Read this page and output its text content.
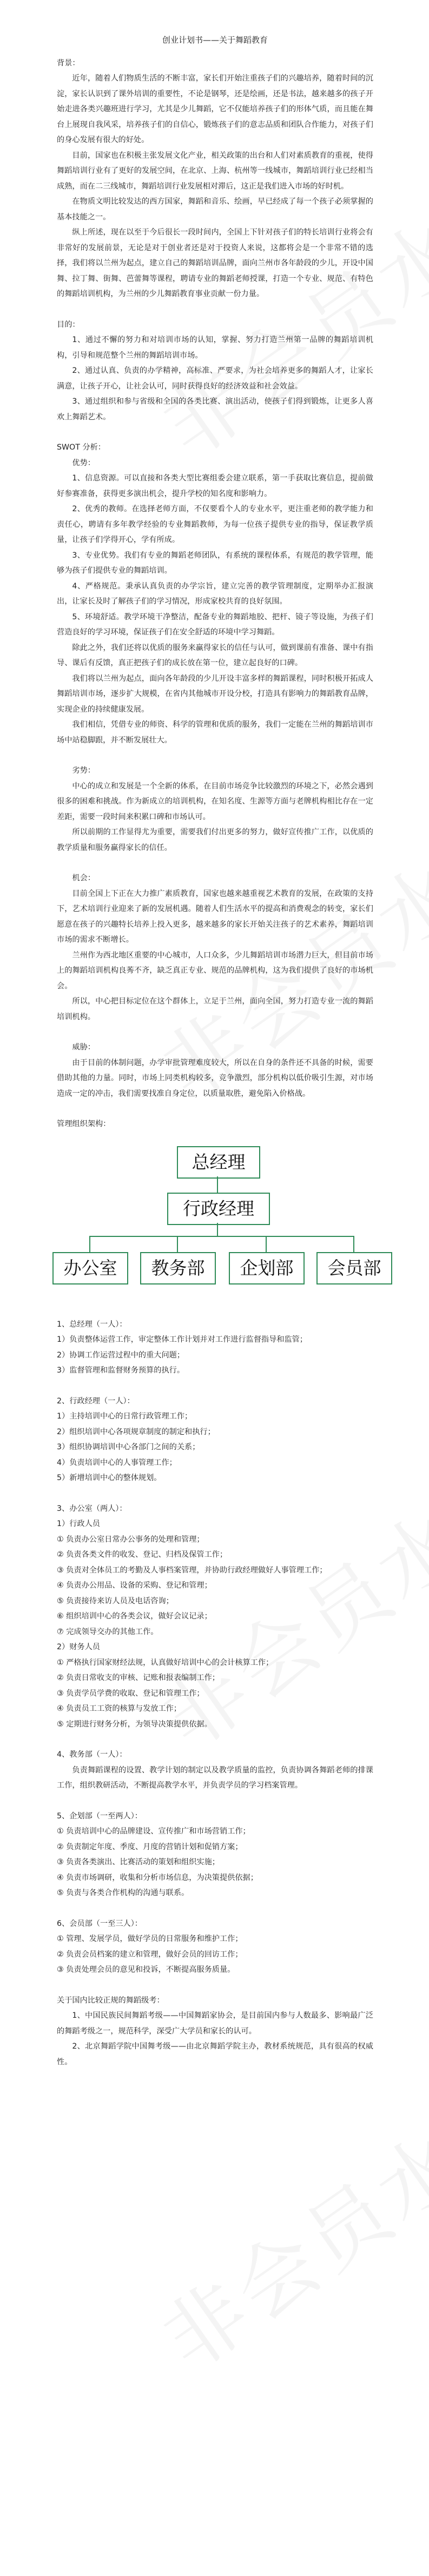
创业计划书——关于舞蹈教育

背景：

近年，随着人们物质生活的不断丰富，家长们开始注重孩子们的兴趣培养，随着时间的沉淀，家长认识到了课外培训的重要性，不论是钢琴，还是绘画，还是书法，越来越多的孩子开始走进各类兴趣班进行学习，尤其是少儿舞蹈，它不仅能培养孩子们的形体气质，而且能在舞台上展现自我风采，培养孩子们的自信心，锻炼孩子们的意志品质和团队合作能力，对孩子们的身心发展有很大的好处。

目前，国家也在积极主张发展文化产业，相关政策的出台和人们对素质教育的重视，使得舞蹈培训行业有了更好的发展空间，在北京、上海、杭州等一线城市，舞蹈培训行业已经相当成熟，而在二三线城市，舞蹈培训行业发展相对滞后，这正是我们进入市场的好时机。

在物质文明比较发达的西方国家，舞蹈和音乐、绘画，早已经成了每一个孩子必须掌握的基本技能之一。

纵上所述，现在以至于今后很长一段时间内，全国上下针对孩子们的特长培训行业将会有非常好的发展前景，无论是对于创业者还是对于投资人来说，这都将会是一个非常不错的选择，我们将以兰州为起点，建立自己的舞蹈培训品牌，面向兰州市各年龄段的少儿，开设中国舞、拉丁舞、街舞、芭蕾舞等课程，聘请专业的舞蹈老师授课，打造一个专业、规范、有特色的舞蹈培训机构，为兰州的少儿舞蹈教育事业贡献一份力量。

目的：

1、通过不懈的努力和对培训市场的认知，掌握、努力打造兰州第一品牌的舞蹈培训机构，引导和规范整个兰州的舞蹈培训市场。
2、通过认真、负责的办学精神，高标准、严要求，为社会培养更多的舞蹈人才，让家长满意，让孩子开心，让社会认可，同时获得良好的经济效益和社会效益。
3、通过组织和参与省级和全国的各类比赛、演出活动，使孩子们得到锻炼，让更多人喜欢上舞蹈艺术。

SWOT 分析：

优势：

1、信息资源。可以直接和各类大型比赛组委会建立联系，第一手获取比赛信息，提前做好参赛准备，获得更多演出机会，提升学校的知名度和影响力。
2、优秀的教师。在选择老师方面，不仅要看个人的专业水平，更注重老师的教学能力和责任心，聘请有多年教学经验的专业舞蹈教师，为每一位孩子提供专业的指导，保证教学质量，让孩子们学得开心，学有所成。
3、专业优势。我们有专业的舞蹈老师团队，有系统的课程体系，有规范的教学管理，能够为孩子们提供专业的舞蹈培训。
4、严格规范。秉承认真负责的办学宗旨，建立完善的教学管理制度，定期举办汇报演出，让家长及时了解孩子们的学习情况，形成家校共育的良好氛围。
5、环境舒适。教学环境干净整洁，配备专业的舞蹈地胶、把杆、镜子等设施，为孩子们营造良好的学习环境，保证孩子们在安全舒适的环境中学习舞蹈。

除此之外，我们还将以优质的服务来赢得家长的信任与认可，做到课前有准备、课中有指导、课后有反馈，真正把孩子们的成长放在第一位，建立起良好的口碑。

我们将以兰州为起点，面向各年龄段的少儿开设丰富多样的舞蹈课程，同时积极开拓成人舞蹈培训市场，逐步扩大规模，在省内其他城市开设分校，打造具有影响力的舞蹈教育品牌，实现企业的持续健康发展。

我们相信，凭借专业的师资、科学的管理和优质的服务，我们一定能在兰州的舞蹈培训市场中站稳脚跟，并不断发展壮大。

劣势：

中心的成立和发展是一个全新的体系，在目前市场竞争比较激烈的环境之下，必然会遇到很多的困难和挑战。作为新成立的培训机构，在知名度、生源等方面与老牌机构相比存在一定差距，需要一段时间来积累口碑和市场认可。

所以前期的工作显得尤为重要，需要我们付出更多的努力，做好宣传推广工作，以优质的教学质量和服务赢得家长的信任。

机会：

目前全国上下正在大力推广素质教育，国家也越来越重视艺术教育的发展，在政策的支持下，艺术培训行业迎来了新的发展机遇。随着人们生活水平的提高和消费观念的转变，家长们愿意在孩子的兴趣特长培养上投入更多，越来越多的家长开始关注孩子的艺术素养，舞蹈培训市场的需求不断增长。

兰州作为西北地区重要的中心城市，人口众多，少儿舞蹈培训市场潜力巨大，但目前市场上的舞蹈培训机构良莠不齐，缺乏真正专业、规范的品牌机构，这为我们提供了良好的市场机会。

所以，中心把目标定位在这个群体上，立足于兰州，面向全国，努力打造专业一流的舞蹈培训机构。

威胁：

由于目前的体制问题，办学审批管理难度较大，所以在自身的条件还不具备的时候，需要借助其他的力量。同时，市场上同类机构较多，竞争激烈，部分机构以低价吸引生源，对市场造成一定的冲击，我们需要找准自身定位，以质量取胜，避免陷入价格战。

管理组织架构：

总经理
行政经理
办公室	教务部	企划部	会员部

1、总经理（一人）：

1）负责整体运营工作，审定整体工作计划并对工作进行监督指导和监管；
2）协调工作运营过程中的重大问题；
3）监督管理和监督财务预算的执行。

2、行政经理（一人）：

1）主持培训中心的日常行政管理工作；
2）组织培训中心各项规章制度的制定和执行；
3）组织协调培训中心各部门之间的关系；
4）负责培训中心的人事管理工作；
5）新增培训中心的整体规划。

3、办公室（两人）：

1）行政人员

① 负责办公室日常办公事务的处理和管理；
② 负责各类文件的收发、登记、归档及保管工作；
③ 负责对全体员工的考勤及人事档案管理，并协助行政经理做好人事管理工作；
④ 负责办公用品、设备的采购、登记和管理；
⑤ 负责接待来访人员及电话咨询；
⑥ 组织培训中心的各类会议，做好会议记录；
⑦ 完成领导交办的其他工作。

2）财务人员

① 严格执行国家财经法规，认真做好培训中心的会计核算工作；
② 负责日常收支的审核、记账和报表编制工作；
③ 负责学员学费的收取、登记和管理工作；
④ 负责员工工资的核算与发放工作；
⑤ 定期进行财务分析，为领导决策提供依据。

4、教务部（一人）：

负责舞蹈课程的设置、教学计划的制定以及教学质量的监控，负责协调各舞蹈老师的排课工作，组织教研活动，不断提高教学水平，并负责学员的学习档案管理。

5、企划部（一至两人）：

① 负责培训中心的品牌建设、宣传推广和市场营销工作；
② 负责制定年度、季度、月度的营销计划和促销方案；
③ 负责各类演出、比赛活动的策划和组织实施；
④ 负责市场调研，收集和分析市场信息，为决策提供依据；
⑤ 负责与各类合作机构的沟通与联系。

6、会员部（一至三人）：

① 管理、发展学员，做好学员的日常服务和维护工作；
② 负责会员档案的建立和管理，做好会员的回访工作；
③ 负责处理会员的意见和投诉，不断提高服务质量。

关于国内比较正规的舞蹈级考：

1、中国民族民间舞蹈考级——中国舞蹈家协会，是目前国内参与人数最多、影响最广泛的舞蹈考级之一，规范科学，深受广大学员和家长的认可。
2、北京舞蹈学院中国舞考级——由北京舞蹈学院主办，教材系统规范，具有很高的权威性。
